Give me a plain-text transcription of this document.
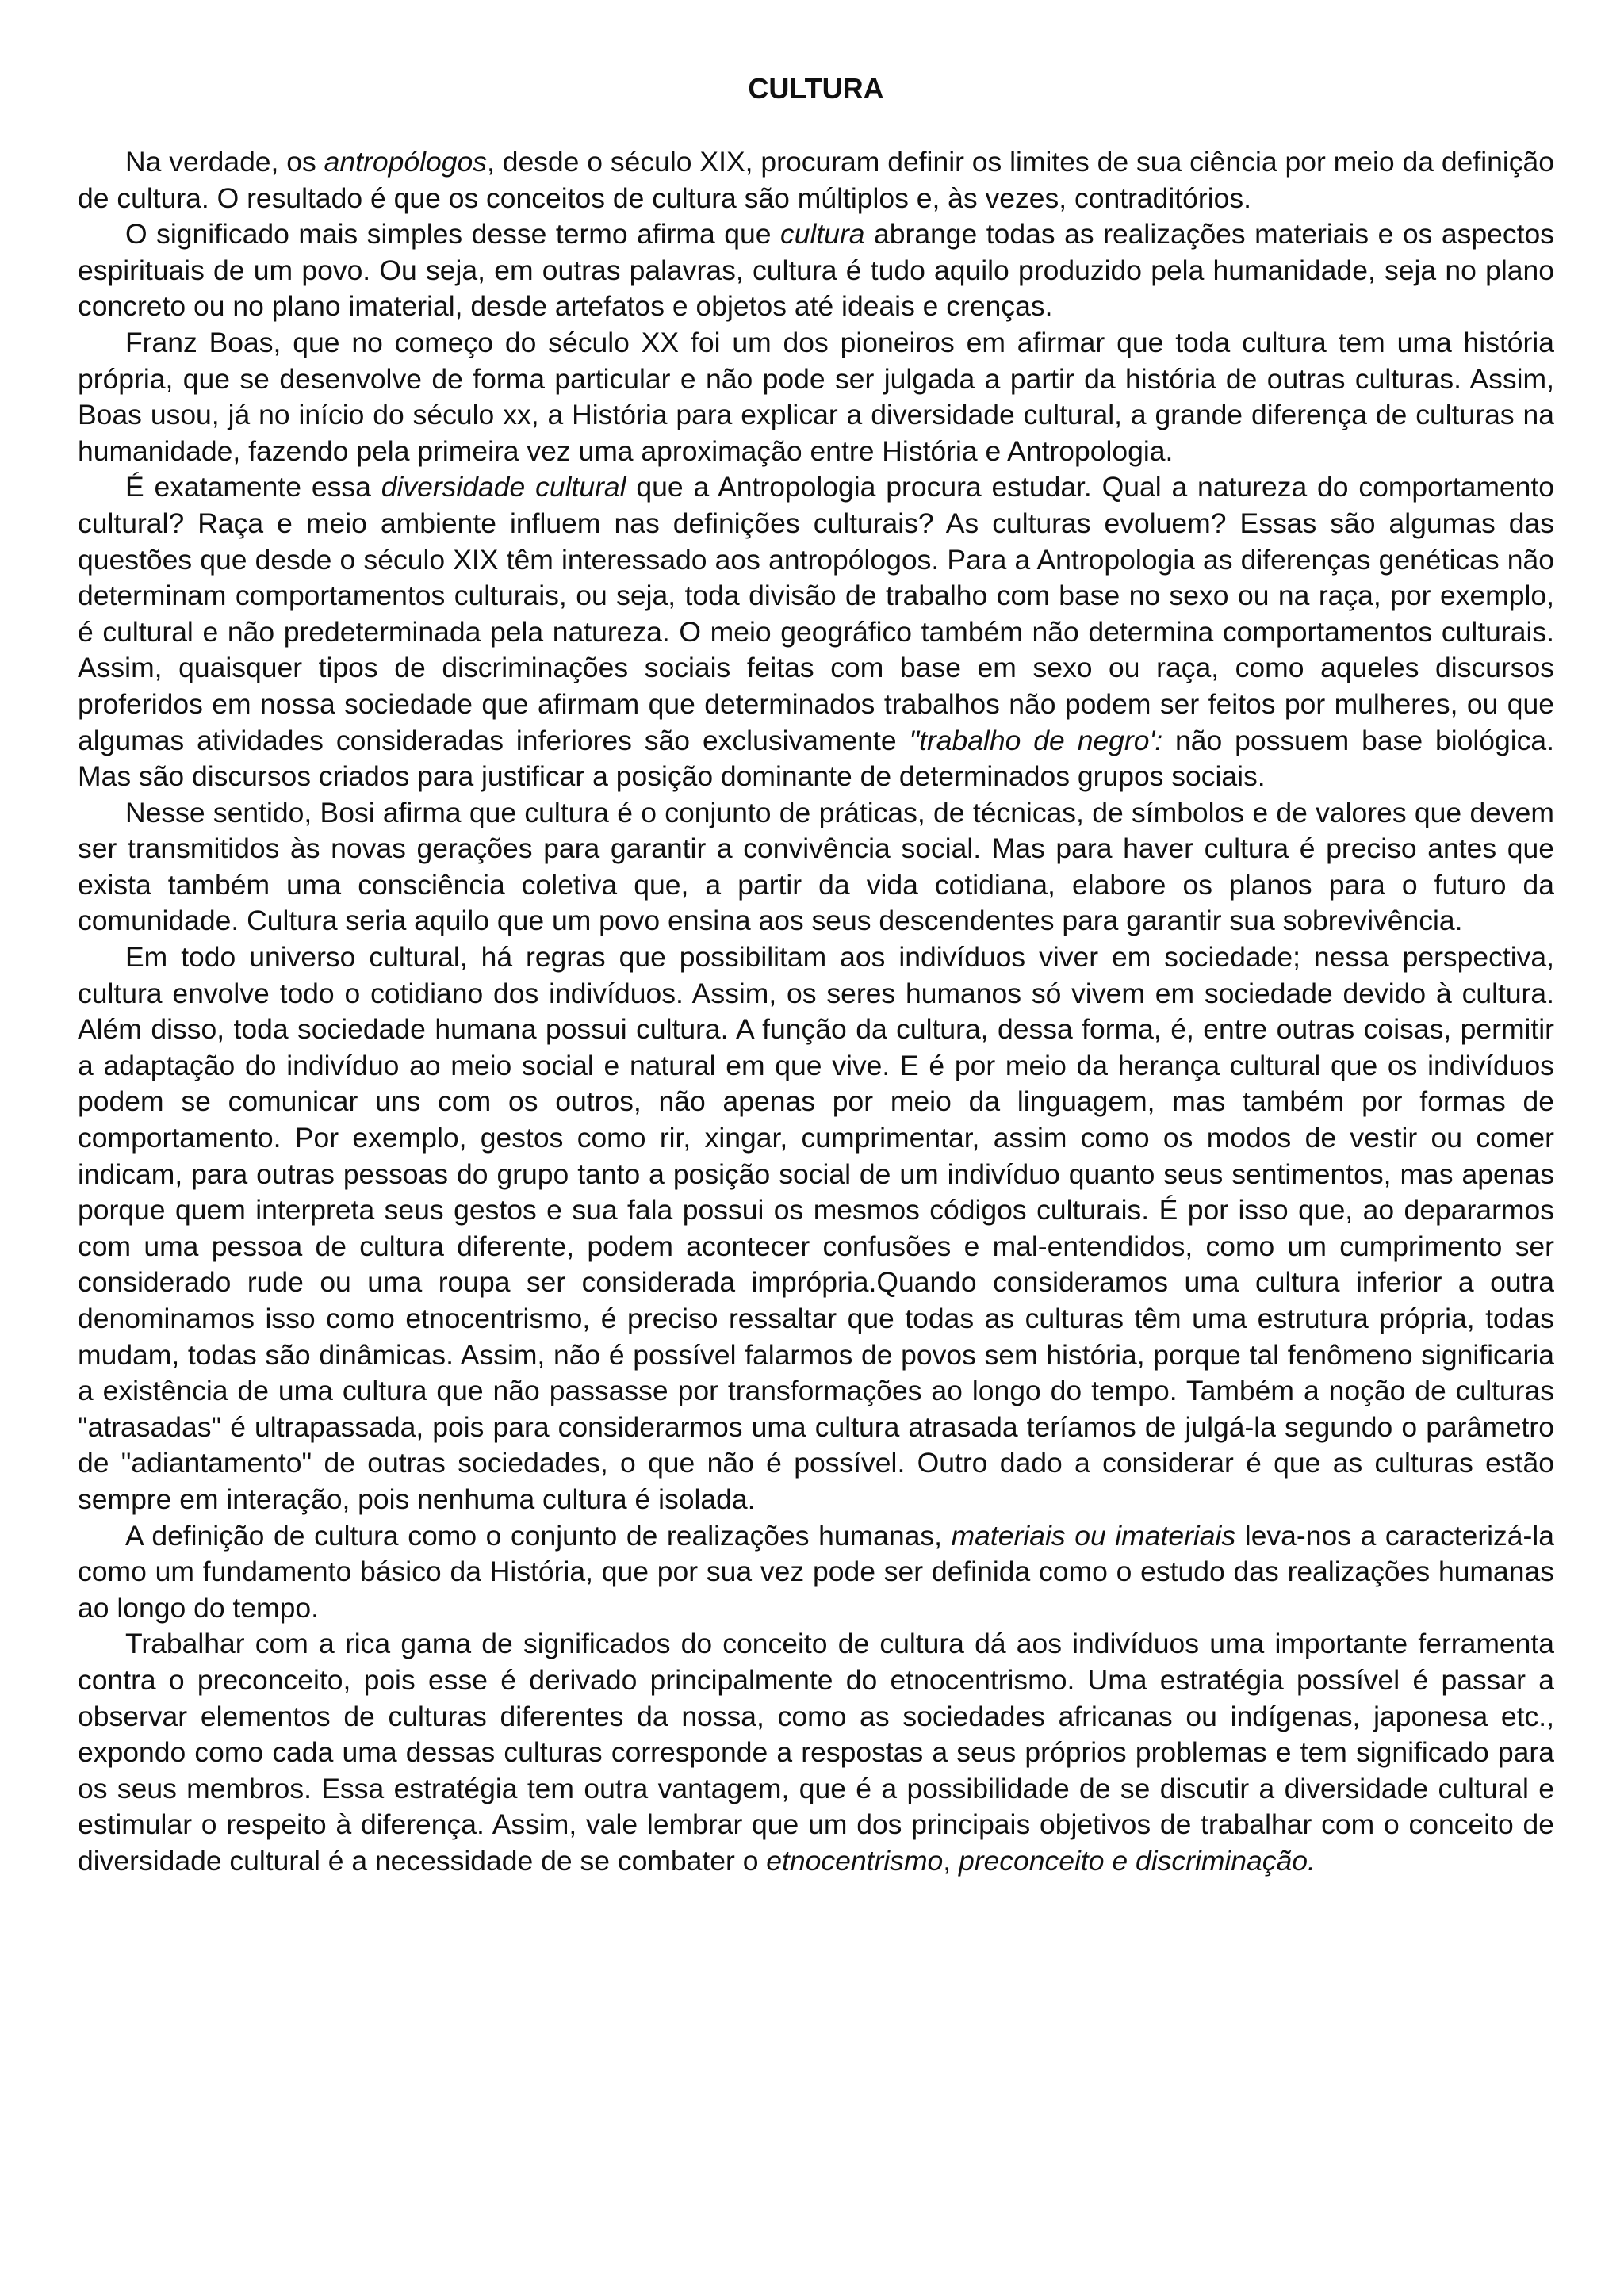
CULTURA

Na verdade, os antropólogos, desde o século XIX, procuram definir os limites de sua ciência por meio da definição de cultura. O resultado é que os conceitos de cultura são múltiplos e, às vezes, contraditórios.

O significado mais simples desse termo afirma que cultura abrange todas as realizações materiais e os aspectos espirituais de um povo. Ou seja, em outras palavras, cultura é tudo aquilo produzido pela humanidade, seja no plano concreto ou no plano imaterial, desde artefatos e objetos até ideais e crenças.

Franz Boas, que no começo do século XX foi um dos pioneiros em afirmar que toda cultura tem uma história própria, que se desenvolve de forma particular e não pode ser julgada a partir da história de outras culturas. Assim, Boas usou, já no início do século xx, a História para explicar a diversidade cultural, a grande diferença de culturas na humanidade, fazendo pela primeira vez uma aproximação entre História e Antropologia.

É exatamente essa diversidade cultural que a Antropologia procura estudar. Qual a natureza do comportamento cultural? Raça e meio ambiente influem nas definições culturais? As culturas evoluem? Essas são algumas das questões que desde o século XIX têm interessado aos antropólogos. Para a Antropologia as diferenças genéticas não determinam comportamentos culturais, ou seja, toda divisão de trabalho com base no sexo ou na raça, por exemplo, é cultural e não predeterminada pela natureza. O meio geográfico também não determina comportamentos culturais. Assim, quaisquer tipos de discriminações sociais feitas com base em sexo ou raça, como aqueles discursos proferidos em nossa sociedade que afirmam que determinados trabalhos não podem ser feitos por mulheres, ou que algumas atividades consideradas inferiores são exclusivamente "trabalho de negro': não possuem base biológica. Mas são discursos criados para justificar a posição dominante de determinados grupos sociais.

Nesse sentido, Bosi afirma que cultura é o conjunto de práticas, de técnicas, de símbolos e de valores que devem ser transmitidos às novas gerações para garantir a convivência social. Mas para haver cultura é preciso antes que exista também uma consciência coletiva que, a partir da vida cotidiana, elabore os planos para o futuro da comunidade. Cultura seria aquilo que um povo ensina aos seus descendentes para garantir sua sobrevivência.

Em todo universo cultural, há regras que possibilitam aos indivíduos viver em sociedade; nessa perspectiva, cultura envolve todo o cotidiano dos indivíduos. Assim, os seres humanos só vivem em sociedade devido à cultura. Além disso, toda sociedade humana possui cultura. A função da cultura, dessa forma, é, entre outras coisas, permitir a adaptação do indivíduo ao meio social e natural em que vive. E é por meio da herança cultural que os indivíduos podem se comunicar uns com os outros, não apenas por meio da linguagem, mas também por formas de comportamento. Por exemplo, gestos como rir, xingar, cumprimentar, assim como os modos de vestir ou comer indicam, para outras pessoas do grupo tanto a posição social de um indivíduo quanto seus sentimentos, mas apenas porque quem interpreta seus gestos e sua fala possui os mesmos códigos culturais. É por isso que, ao depararmos com uma pessoa de cultura diferente, podem acontecer confusões e mal-entendidos, como um cumprimento ser considerado rude ou uma roupa ser considerada imprópria.Quando consideramos uma cultura inferior a outra denominamos isso como etnocentrismo, é preciso ressaltar que todas as culturas têm uma estrutura própria, todas mudam, todas são dinâmicas. Assim, não é possível falarmos de povos sem história, porque tal fenômeno significaria a existência de uma cultura que não passasse por transformações ao longo do tempo. Também a noção de culturas "atrasadas" é ultrapassada, pois para considerarmos uma cultura atrasada teríamos de julgá-la segundo o parâmetro de "adiantamento" de outras sociedades, o que não é possível. Outro dado a considerar é que as culturas estão sempre em interação, pois nenhuma cultura é isolada.

A definição de cultura como o conjunto de realizações humanas, materiais ou imateriais leva-nos a caracterizá-la como um fundamento básico da História, que por sua vez pode ser definida como o estudo das realizações humanas ao longo do tempo.

Trabalhar com a rica gama de significados do conceito de cultura dá aos indivíduos uma importante ferramenta contra o preconceito, pois esse é derivado principalmente do etnocentrismo. Uma estratégia possível é passar a observar elementos de culturas diferentes da nossa, como as sociedades africanas ou indígenas, japonesa etc., expondo como cada uma dessas culturas corresponde a respostas a seus próprios problemas e tem significado para os seus membros. Essa estratégia tem outra vantagem, que é a possibilidade de se discutir a diversidade cultural e estimular o respeito à diferença. Assim, vale lembrar que um dos principais objetivos de trabalhar com o conceito de diversidade cultural é a necessidade de se combater o etnocentrismo, preconceito e discriminação.
